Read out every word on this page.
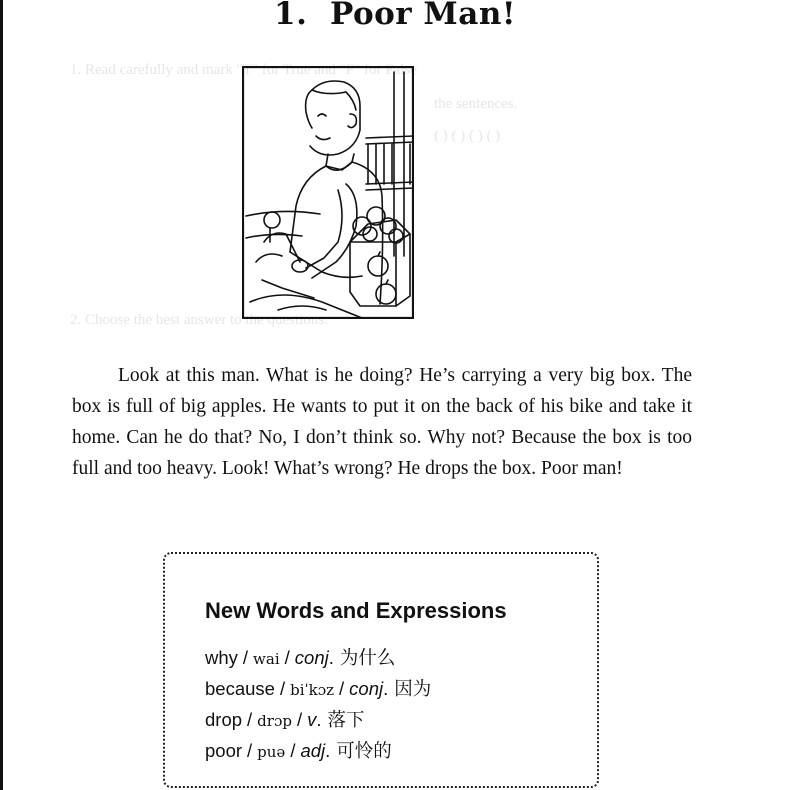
1. Read carefully and mark "T" for True and "F" for False
the sentences.
( ) ( ) ( ) ( )
2. Choose the best answer to the questions.
1. Poor Man!

Look at this man. What is he doing? He’s carrying a very big box. The box is full of big apples. He wants to put it on the back of his bike and take it home. Can he do that? No, I don’t think so. Why not? Because the box is too full and too heavy. Look! What’s wrong? He drops the box. Poor man!

New Words and Expressions
why / wai / conj. 为什么
because / biˈkɔz / conj. 因为
drop / drɔp / v. 落下
poor / puə / adj. 可怜的
